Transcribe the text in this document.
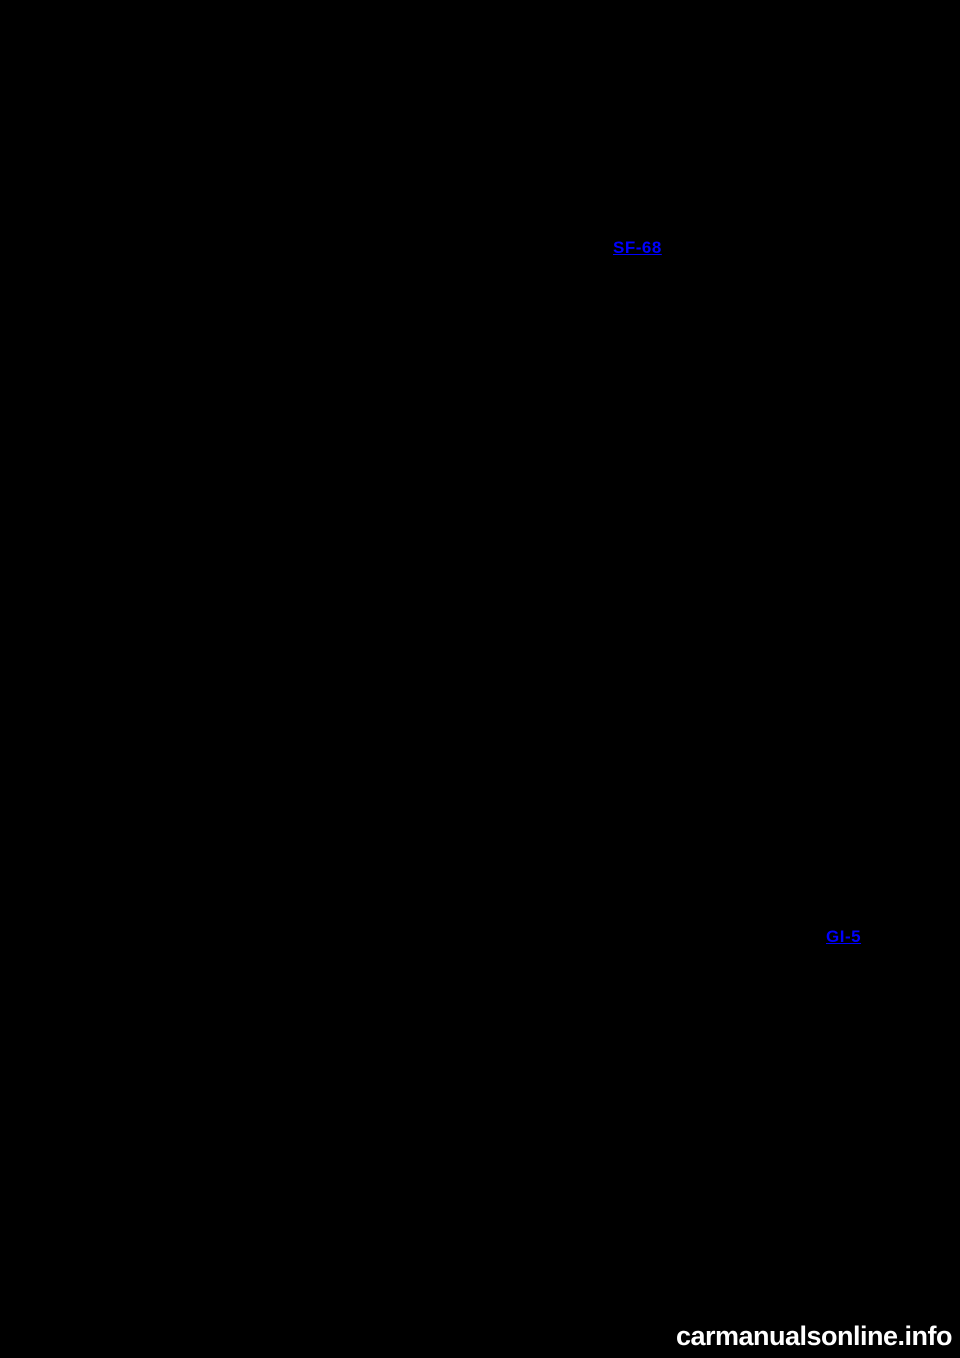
SF-68
GI-5
carmanualsonline.info
